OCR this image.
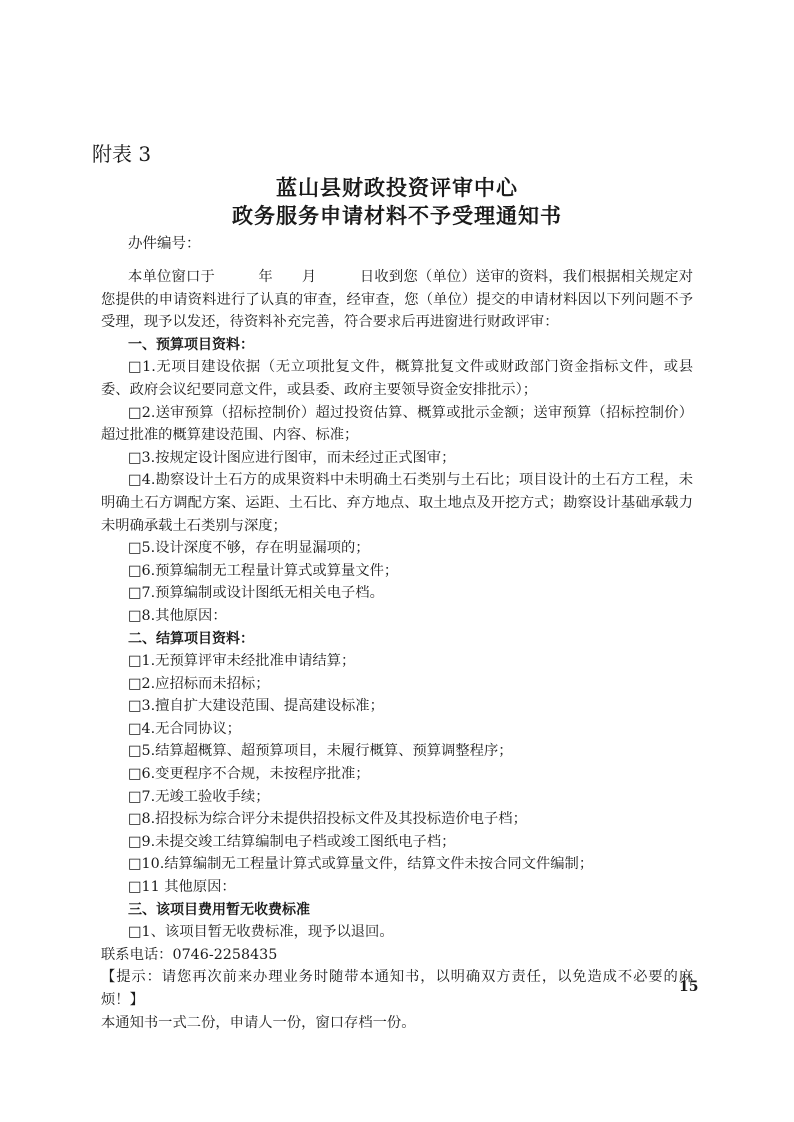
附表 3
蓝山县财政投资评审中心
政务服务申请材料不予受理通知书
办件编号：

本单位窗口于　　　年　　月　　　日收到您（单位）送审的资料，我们根据相关规定对您提供的申请资料进行了认真的审查，经审查，您（单位）提交的申请材料因以下列问题不予受理，现予以发还，待资料补充完善，符合要求后再进窗进行财政评审：

一、预算项目资料：

□1.无项目建设依据（无立项批复文件，概算批复文件或财政部门资金指标文件，或县委、政府会议纪要同意文件，或县委、政府主要领导资金安排批示）；

□2.送审预算（招标控制价）超过投资估算、概算或批示金额；送审预算（招标控制价）超过批准的概算建设范围、内容、标准；

□3.按规定设计图应进行图审，而未经过正式图审；

□4.勘察设计土石方的成果资料中未明确土石类别与土石比；项目设计的土石方工程，未明确土石方调配方案、运距、土石比、弃方地点、取土地点及开挖方式；勘察设计基础承载力未明确承载土石类别与深度；

□5.设计深度不够，存在明显漏项的；

□6.预算编制无工程量计算式或算量文件；

□7.预算编制或设计图纸无相关电子档。

□8.其他原因：

二、结算项目资料：

□1.无预算评审未经批准申请结算；

□2.应招标而未招标；

□3.擅自扩大建设范围、提高建设标准；

□4.无合同协议；

□5.结算超概算、超预算项目，未履行概算、预算调整程序；

□6.变更程序不合规，未按程序批准；

□7.无竣工验收手续；

□8.招投标为综合评分未提供招投标文件及其投标造价电子档；

□9.未提交竣工结算编制电子档或竣工图纸电子档；

□10.结算编制无工程量计算式或算量文件，结算文件未按合同文件编制；

□11 其他原因：

三、该项目费用暂无收费标准

□1、该项目暂无收费标准，现予以退回。

联系电话：0746-2258435

【提示：请您再次前来办理业务时随带本通知书，以明确双方责任，以免造成不必要的麻烦！】

本通知书一式二份，申请人一份，窗口存档一份。

15
